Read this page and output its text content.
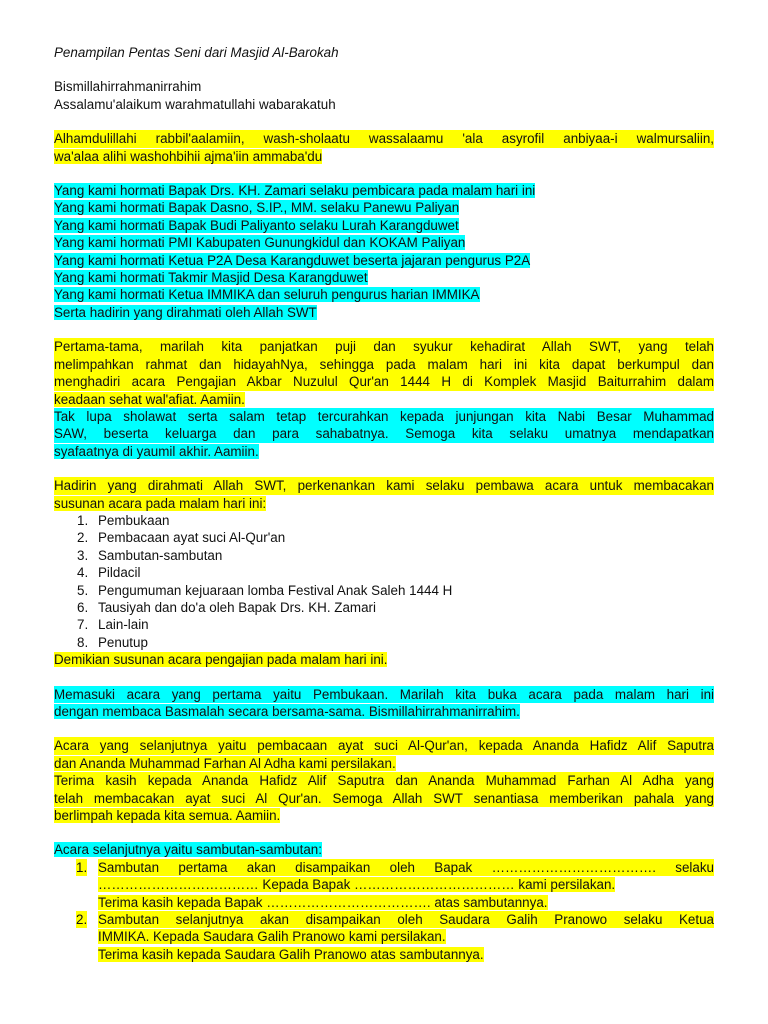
Penampilan Pentas Seni dari Masjid Al-Barokah
Bismillahirrahmanirrahim
Assalamu'alaikum warahmatullahi wabarakatuh
Alhamdulillahi rabbil'aalamiin, wash-sholaatu wassalaamu 'ala asyrofil anbiyaa-i walmursaliin,
wa'alaa alihi washohbihii ajma'iin ammaba'du
Yang kami hormati Bapak Drs. KH. Zamari selaku pembicara pada malam hari ini
Yang kami hormati Bapak Dasno, S.IP., MM. selaku Panewu Paliyan
Yang kami hormati Bapak Budi Paliyanto selaku Lurah Karangduwet
Yang kami hormati PMI Kabupaten Gunungkidul dan KOKAM Paliyan
Yang kami hormati Ketua P2A Desa Karangduwet beserta jajaran pengurus P2A
Yang kami hormati Takmir Masjid Desa Karangduwet
Yang kami hormati Ketua IMMIKA dan seluruh pengurus harian IMMIKA
Serta hadirin yang dirahmati oleh Allah SWT
Pertama-tama, marilah kita panjatkan puji dan syukur kehadirat Allah SWT, yang telah
melimpahkan rahmat dan hidayahNya, sehingga pada malam hari ini kita dapat berkumpul dan
menghadiri acara Pengajian Akbar Nuzulul Qur'an 1444 H di Komplek Masjid Baiturrahim dalam
keadaan sehat wal'afiat. Aamiin.
Tak lupa sholawat serta salam tetap tercurahkan kepada junjungan kita Nabi Besar Muhammad
SAW, beserta keluarga dan para sahabatnya. Semoga kita selaku umatnya mendapatkan
syafaatnya di yaumil akhir. Aamiin.
Hadirin yang dirahmati Allah SWT, perkenankan kami selaku pembawa acara untuk membacakan
susunan acara pada malam hari ini:
1. Pembukaan
2. Pembacaan ayat suci Al-Qur'an
3. Sambutan-sambutan
4. Pildacil
5. Pengumuman kejuaraan lomba Festival Anak Saleh 1444 H
6. Tausiyah dan do'a oleh Bapak Drs. KH. Zamari
7. Lain-lain
8. Penutup
Demikian susunan acara pengajian pada malam hari ini.
Memasuki acara yang pertama yaitu Pembukaan. Marilah kita buka acara pada malam hari ini
dengan membaca Basmalah secara bersama-sama. Bismillahirrahmanirrahim.
Acara yang selanjutnya yaitu pembacaan ayat suci Al-Qur'an, kepada Ananda Hafidz Alif Saputra
dan Ananda Muhammad Farhan Al Adha kami persilakan.
Terima kasih kepada Ananda Hafidz Alif Saputra dan Ananda Muhammad Farhan Al Adha yang
telah membacakan ayat suci Al Qur'an. Semoga Allah SWT senantiasa memberikan pahala yang
berlimpah kepada kita semua. Aamiin.
Acara selanjutnya yaitu sambutan-sambutan:
1. Sambutan pertama akan disampaikan oleh Bapak ………………………………. selaku
……………………………… Kepada Bapak ……………………………… kami persilakan.
Terima kasih kepada Bapak ………………………………. atas sambutannya.
2. Sambutan selanjutnya akan disampaikan oleh Saudara Galih Pranowo selaku Ketua
IMMIKA. Kepada Saudara Galih Pranowo kami persilakan.
Terima kasih kepada Saudara Galih Pranowo atas sambutannya.
